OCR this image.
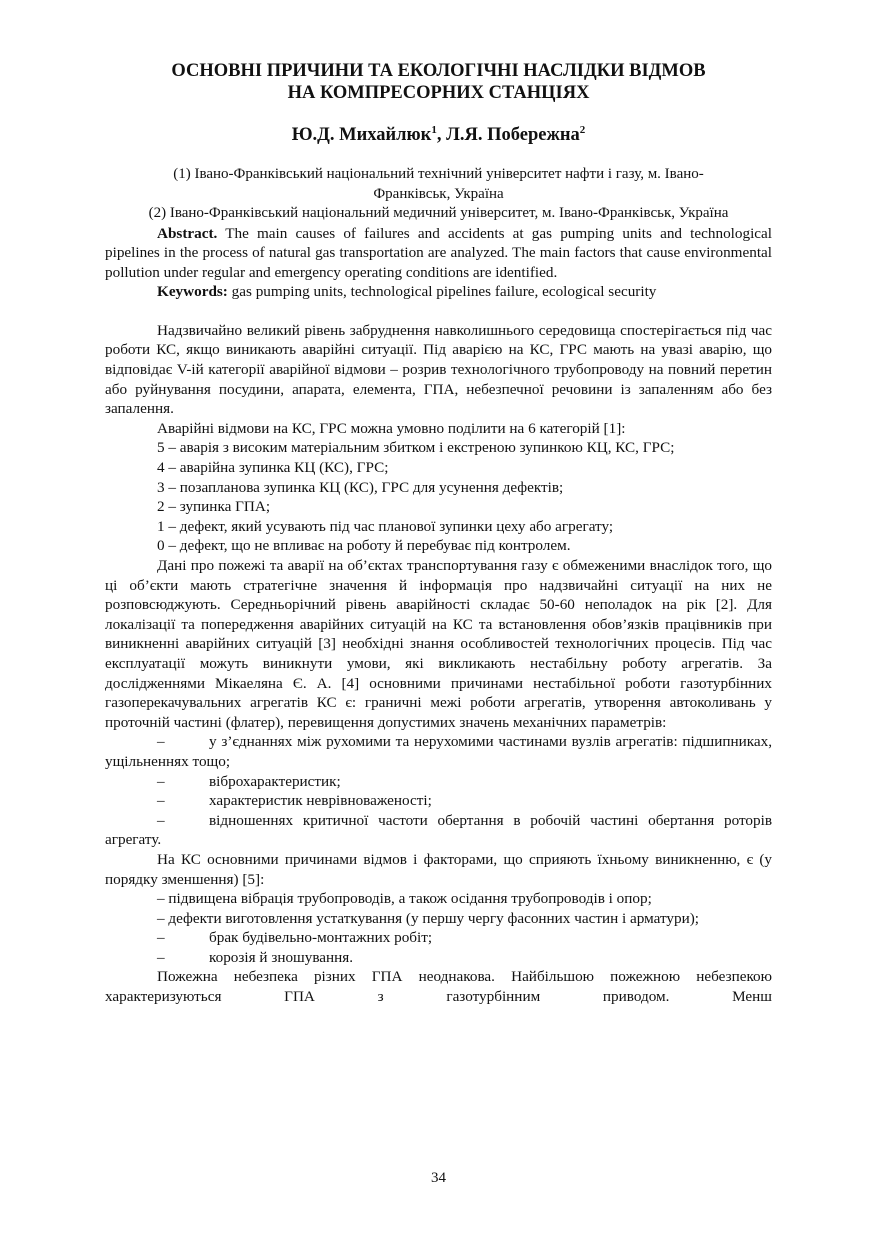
ОСНОВНІ ПРИЧИНИ ТА ЕКОЛОГІЧНІ НАСЛІДКИ ВІДМОВ
НА КОМПРЕСОРНИХ СТАНЦІЯХ
Ю.Д. Михайлюк$^1$, Л.Я. Побережна$^2$

(1) Івано-Франківський національний технічний університет нафти і газу, м. Івано-Франківськ, Україна

(2) Івано-Франківський національний медичний університет, м. Івано-Франківськ, Україна

Abstract. The main causes of failures and accidents at gas pumping units and technological pipelines in the process of natural gas transportation are analyzed. The main factors that cause environmental pollution under regular and emergency operating conditions are identified.

Keywords: gas pumping units, technological pipelines failure, ecological security

Надзвичайно великий рівень забруднення навколишнього середовища спостерігається під час роботи КС, якщо виникають аварійні ситуації. Під аварією на КС, ГРС мають на увазі аварію, що відповідає V-ій категорії аварійної відмови – розрив технологічного трубопроводу на повний перетин або руйнування посудини, апарата, елемента, ГПА, небезпечної речовини із запаленням або без запалення.

Аварійні відмови на КС, ГРС можна умовно поділити на 6 категорій [1]:

5 – аварія з високим матеріальним збитком і екстреною зупинкою КЦ, КС, ГРС;

4 – аварійна зупинка КЦ (КС), ГРС;

3 – позапланова зупинка КЦ (КС), ГРС для усунення дефектів;

2 – зупинка ГПА;

1 – дефект, який усувають під час планової зупинки цеху або агрегату;

0 – дефект, що не впливає на роботу й перебуває під контролем.

Дані про пожежі та аварії на об’єктах транспортування газу є обмеженими внаслідок того, що ці об’єкти мають стратегічне значення й інформація про надзвичайні ситуації на них не розповсюджують. Середньорічний рівень аварійності складає 50-60 неполадок на рік [2]. Для локалізації та попередження аварійних ситуацій на КС та встановлення обов’язків працівників при виникненні аварійних ситуацій [3] необхідні знання особливостей технологічних процесів. Під час експлуатації можуть виникнути умови, які викликають нестабільну роботу агрегатів. За дослідженнями Мікаеляна Є. А. [4] основними причинами нестабільної роботи газотурбінних газоперекачувальних агрегатів КС є: граничні межі роботи агрегатів, утворення автоколивань у проточній частині (флатер), перевищення допустимих значень механічних параметрів:

–	у з’єднаннях між рухомими та нерухомими частинами вузлів агрегатів: підшипниках, ущільненнях тощо;

–	віброхарактеристик;

–	характеристик неврівноваженості;

–	відношеннях критичної частоти обертання в робочій частині обертання роторів агрегату.

На КС основними причинами відмов і факторами, що сприяють їхньому виникненню, є (у порядку зменшення) [5]:

– підвищена вібрація трубопроводів, а також осідання трубопроводів і опор;

– дефекти виготовлення устаткування (у першу чергу фасонних частин і арматури);

–	брак будівельно-монтажних робіт;

–	корозія й зношування.

Пожежна небезпека різних ГПА неоднакова. Найбільшою пожежною небезпекою характеризуються ГПА з газотурбінним приводом. Менш

34
